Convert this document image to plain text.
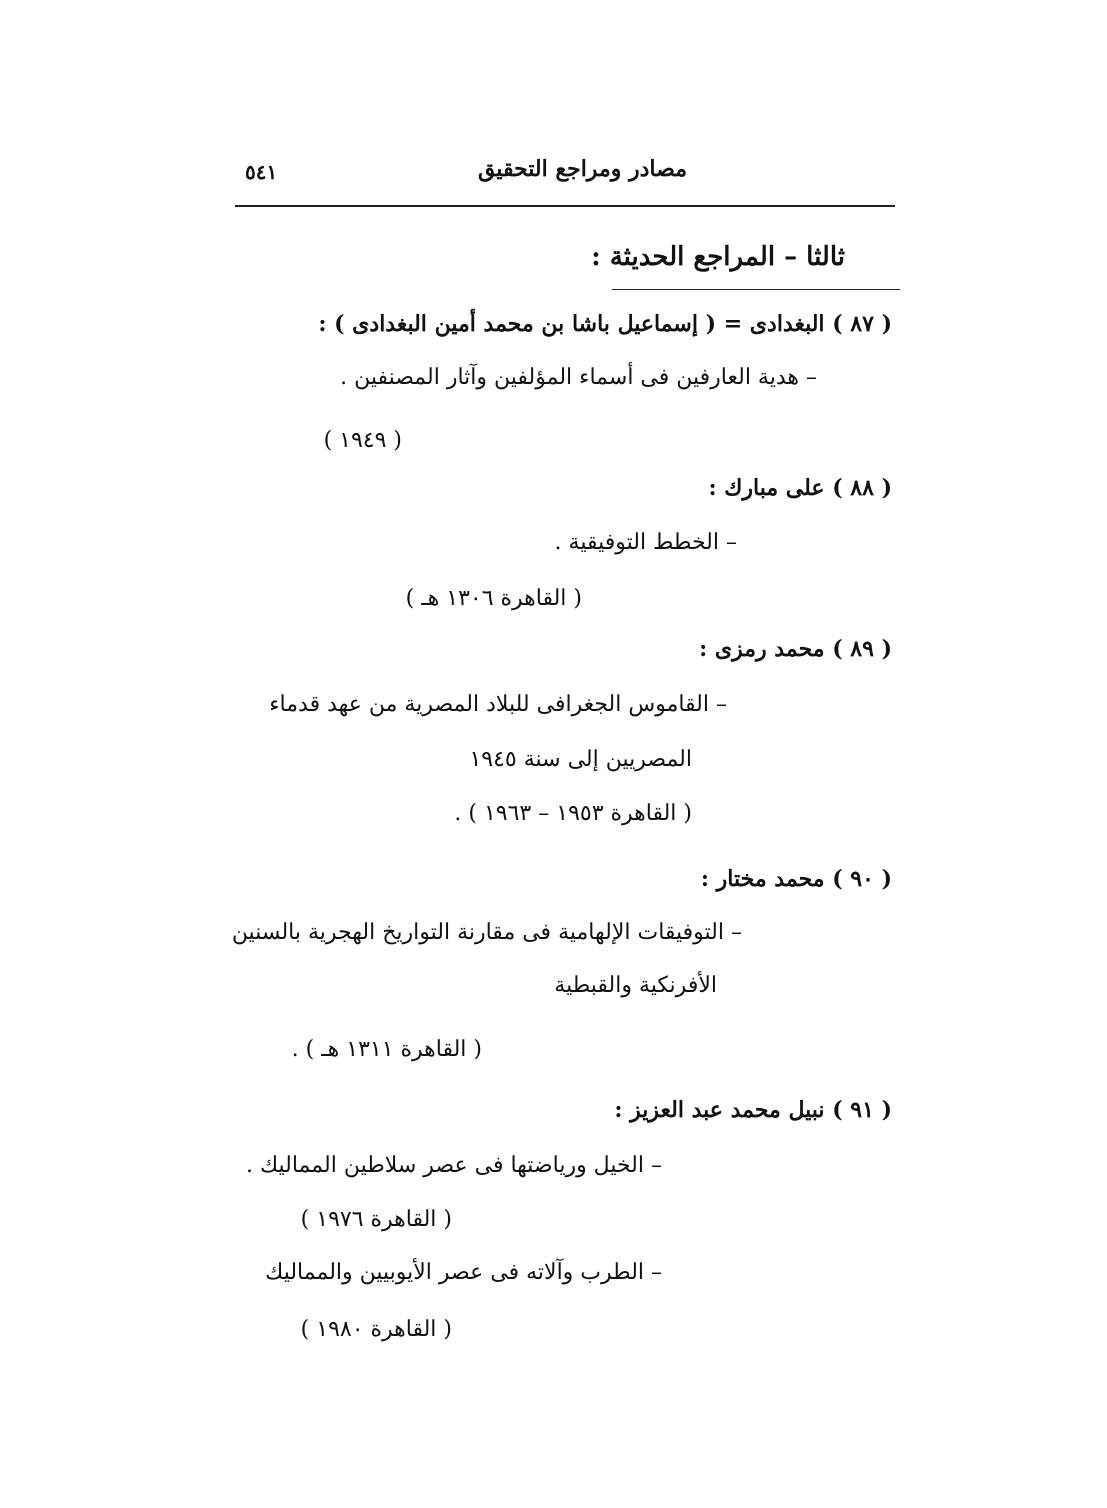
مصادر ومراجع التحقيق
٥٤١
ثالثا – المراجع الحديثة :
( ٨٧ ) البغدادى = ( إسماعيل باشا بن محمد أمين البغدادى ) :
– هدية العارفين فى أسماء المؤلفين وآثار المصنفين .
( ١٩٤٩ )
( ٨٨ ) على مبارك :
– الخطط التوفيقية .
( القاهرة ١٣٠٦ هـ )
( ٨٩ ) محمد رمزى :
– القاموس الجغرافى للبلاد المصرية من عهد قدماء
المصريين إلى سنة ١٩٤٥
( القاهرة ١٩٥٣ – ١٩٦٣ ) .
( ٩٠ ) محمد مختار :
– التوفيقات الإلهامية فى مقارنة التواريخ الهجرية بالسنين
الأفرنكية والقبطية
( القاهرة ١٣١١ هـ ) .
( ٩١ ) نبيل محمد عبد العزيز :
– الخيل ورياضتها فى عصر سلاطين المماليك .
( القاهرة ١٩٧٦ )
– الطرب وآلاته فى عصر الأيوبيين والمماليك
( القاهرة ١٩٨٠ )
